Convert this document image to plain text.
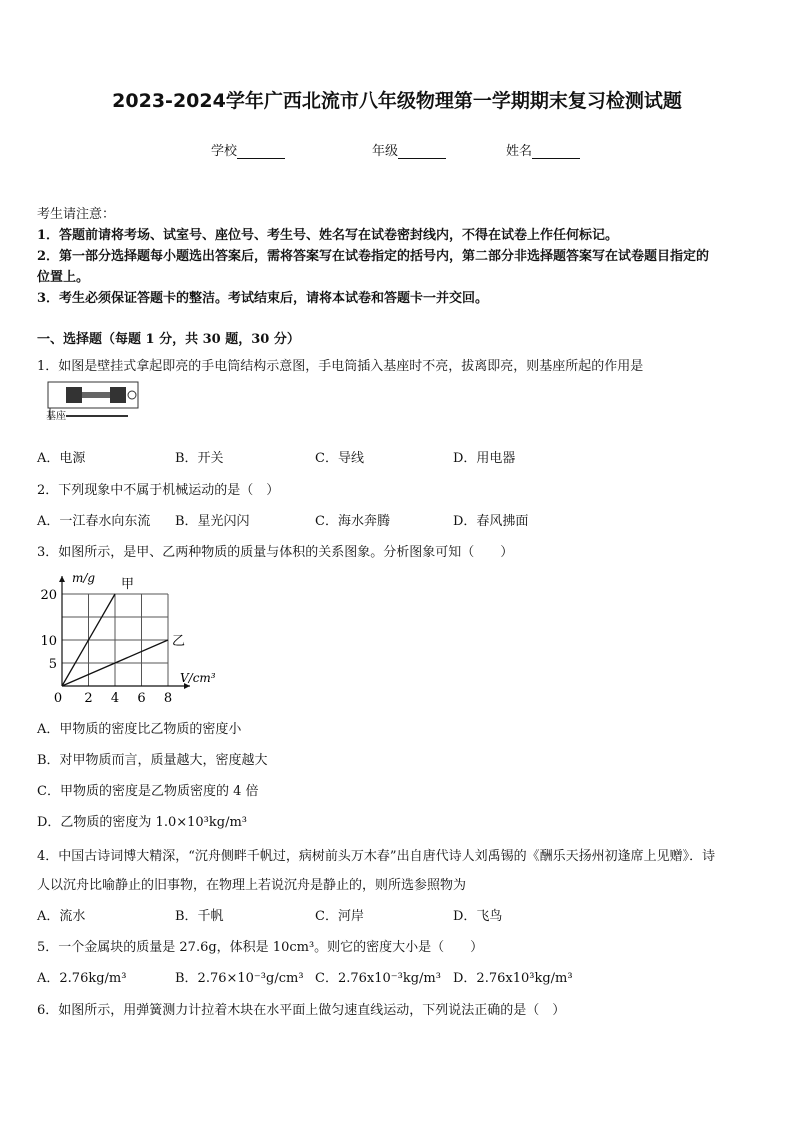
2023-2024学年广西北流市八年级物理第一学期期末复习检测试题
学校	年级	姓名
考生请注意：
1．答题前请将考场、试室号、座位号、考生号、姓名写在试卷密封线内，不得在试卷上作任何标记。
2．第一部分选择题每小题选出答案后，需将答案写在试卷指定的括号内，第二部分非选择题答案写在试卷题目指定的
位置上。
3．考生必须保证答题卡的整洁。考试结束后，请将本试卷和答题卡一并交回。
一、选择题（每题 1 分，共 30 题，30 分）
1．如图是壁挂式拿起即亮的手电筒结构示意图，手电筒插入基座时不亮，拔离即亮，则基座所起的作用是
基座
A．电源	B．开关	C．导线	D．用电器
2．下列现象中不属于机械运动的是（　）
A．一江春水向东流 B．星光闪闪	C．海水奔腾	D．春风拂面
3．如图所示，是甲、乙两种物质的质量与体积的关系图象。分析图象可知（　　）
0 2 4 6 8
5
10
20
m/g
V/cm³
甲
乙
A．甲物质的密度比乙物质的密度小
B．对甲物质而言，质量越大，密度越大
C．甲物质的密度是乙物质密度的 4 倍
D．乙物质的密度为 1.0×10³kg/m³
4．中国古诗词博大精深，“沉舟侧畔千帆过，病树前头万木春”出自唐代诗人刘禹锡的《酬乐天扬州初逢席上见赠》．诗
人以沉舟比喻静止的旧事物，在物理上若说沉舟是静止的，则所选参照物为
A．流水	B．千帆	C．河岸	D．飞鸟
5．一个金属块的质量是 27.6g，体积是 10cm³。则它的密度大小是（　　）
A．2.76kg/m³	B．2.76×10⁻³g/cm³ C．2.76x10⁻³kg/m³ D．2.76x10³kg/m³
6．如图所示，用弹簧测力计拉着木块在水平面上做匀速直线运动，下列说法正确的是（　）
